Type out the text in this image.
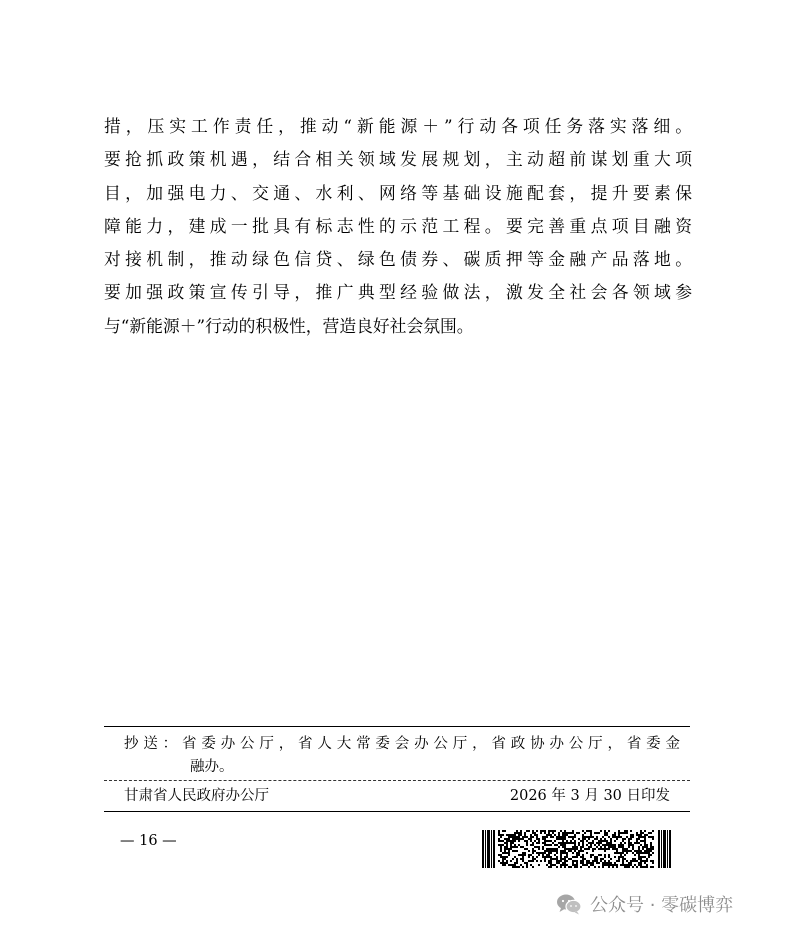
措，压实工作责任，推动“新能源＋”行动各项任务落实落细。
要抢抓政策机遇，结合相关领域发展规划，主动超前谋划重大项
目，加强电力、交通、水利、网络等基础设施配套，提升要素保
障能力，建成一批具有标志性的示范工程。要完善重点项目融资
对接机制，推动绿色信贷、绿色债券、碳质押等金融产品落地。
要加强政策宣传引导，推广典型经验做法，激发全社会各领域参
与“新能源＋”行动的积极性，营造良好社会氛围。
抄送：省委办公厅，省人大常委会办公厅，省政协办公厅，省委金
融办。
甘肃省人民政府办公厅	2026 年 3 月 30 日印发
— 16 —
公众号 · 零碳博弈
